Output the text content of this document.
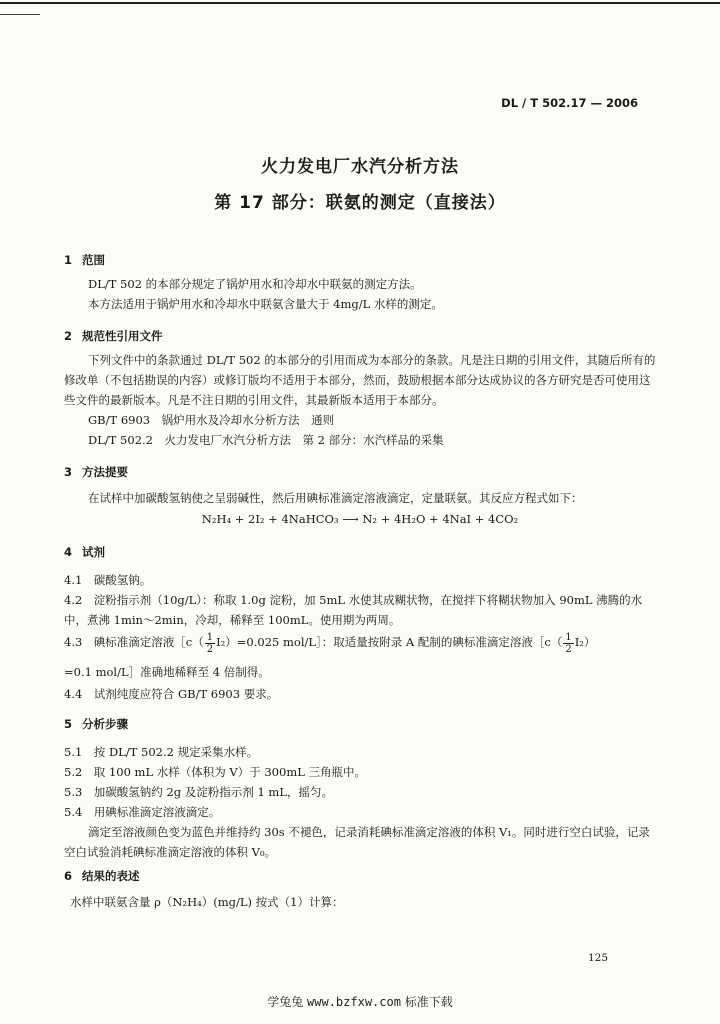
DL / T 502.17 — 2006
火力发电厂水汽分析方法
第 17 部分：联氨的测定（直接法）
1 范围
DL/T 502 的本部分规定了锅炉用水和冷却水中联氨的测定方法。
本方法适用于锅炉用水和冷却水中联氨含量大于 4mg/L 水样的测定。
2 规范性引用文件
下列文件中的条款通过 DL/T 502 的本部分的引用而成为本部分的条款。凡是注日期的引用文件，其随后所有的修改单（不包括勘误的内容）或修订版均不适用于本部分，然而，鼓励根据本部分达成协议的各方研究是否可使用这些文件的最新版本。凡是不注日期的引用文件，其最新版本适用于本部分。
GB/T 6903　锅炉用水及冷却水分析方法　通则
DL/T 502.2　火力发电厂水汽分析方法　第 2 部分：水汽样品的采集
3 方法提要
在试样中加碳酸氢钠使之呈弱碱性，然后用碘标准滴定溶液滴定，定量联氨。其反应方程式如下：
N₂H₄ + 2I₂ + 4NaHCO₃ ⟶ N₂ + 4H₂O + 4NaI + 4CO₂
4 试剂
4.1　 碳酸氢钠。
4.2　 淀粉指示剂（10g/L）：称取 1.0g 淀粉，加 5mL 水使其成糊状物，在搅拌下将糊状物加入 90mL 沸腾的水中，煮沸 1min～2min，冷却，稀释至 100mL。使用期为两周。
4.3　 碘标准滴定溶液［c（ $\frac{1}{2} I_2)=0.025$ mol/L］：取适量按附录 A 配制的碘标准滴定溶液［c（ $\frac{1}{2} I_2$）
=0.1 mol/L］准确地稀释至 4 倍制得。
4.4　 试剂纯度应符合 GB/T 6903 要求。
5 分析步骤
5.1　 按 DL/T 502.2 规定采集水样。
5.2　 取 100 mL 水样（体积为 V）于 300mL 三角瓶中。
5.3　 加碳酸氢钠约 2g 及淀粉指示剂 1 mL，摇匀。
5.4　 用碘标准滴定溶液滴定。
滴定至溶液颜色变为蓝色并维持约 30s 不褪色，记录消耗碘标准滴定溶液的体积 V₁。同时进行空白试验，记录空白试验消耗碘标准滴定溶液的体积 V₀。
6 结果的表述
水样中联氨含量 ρ（N₂H₄）(mg/L) 按式（1）计算：
125
学兔兔 www.bzfxw.com 标准下载
